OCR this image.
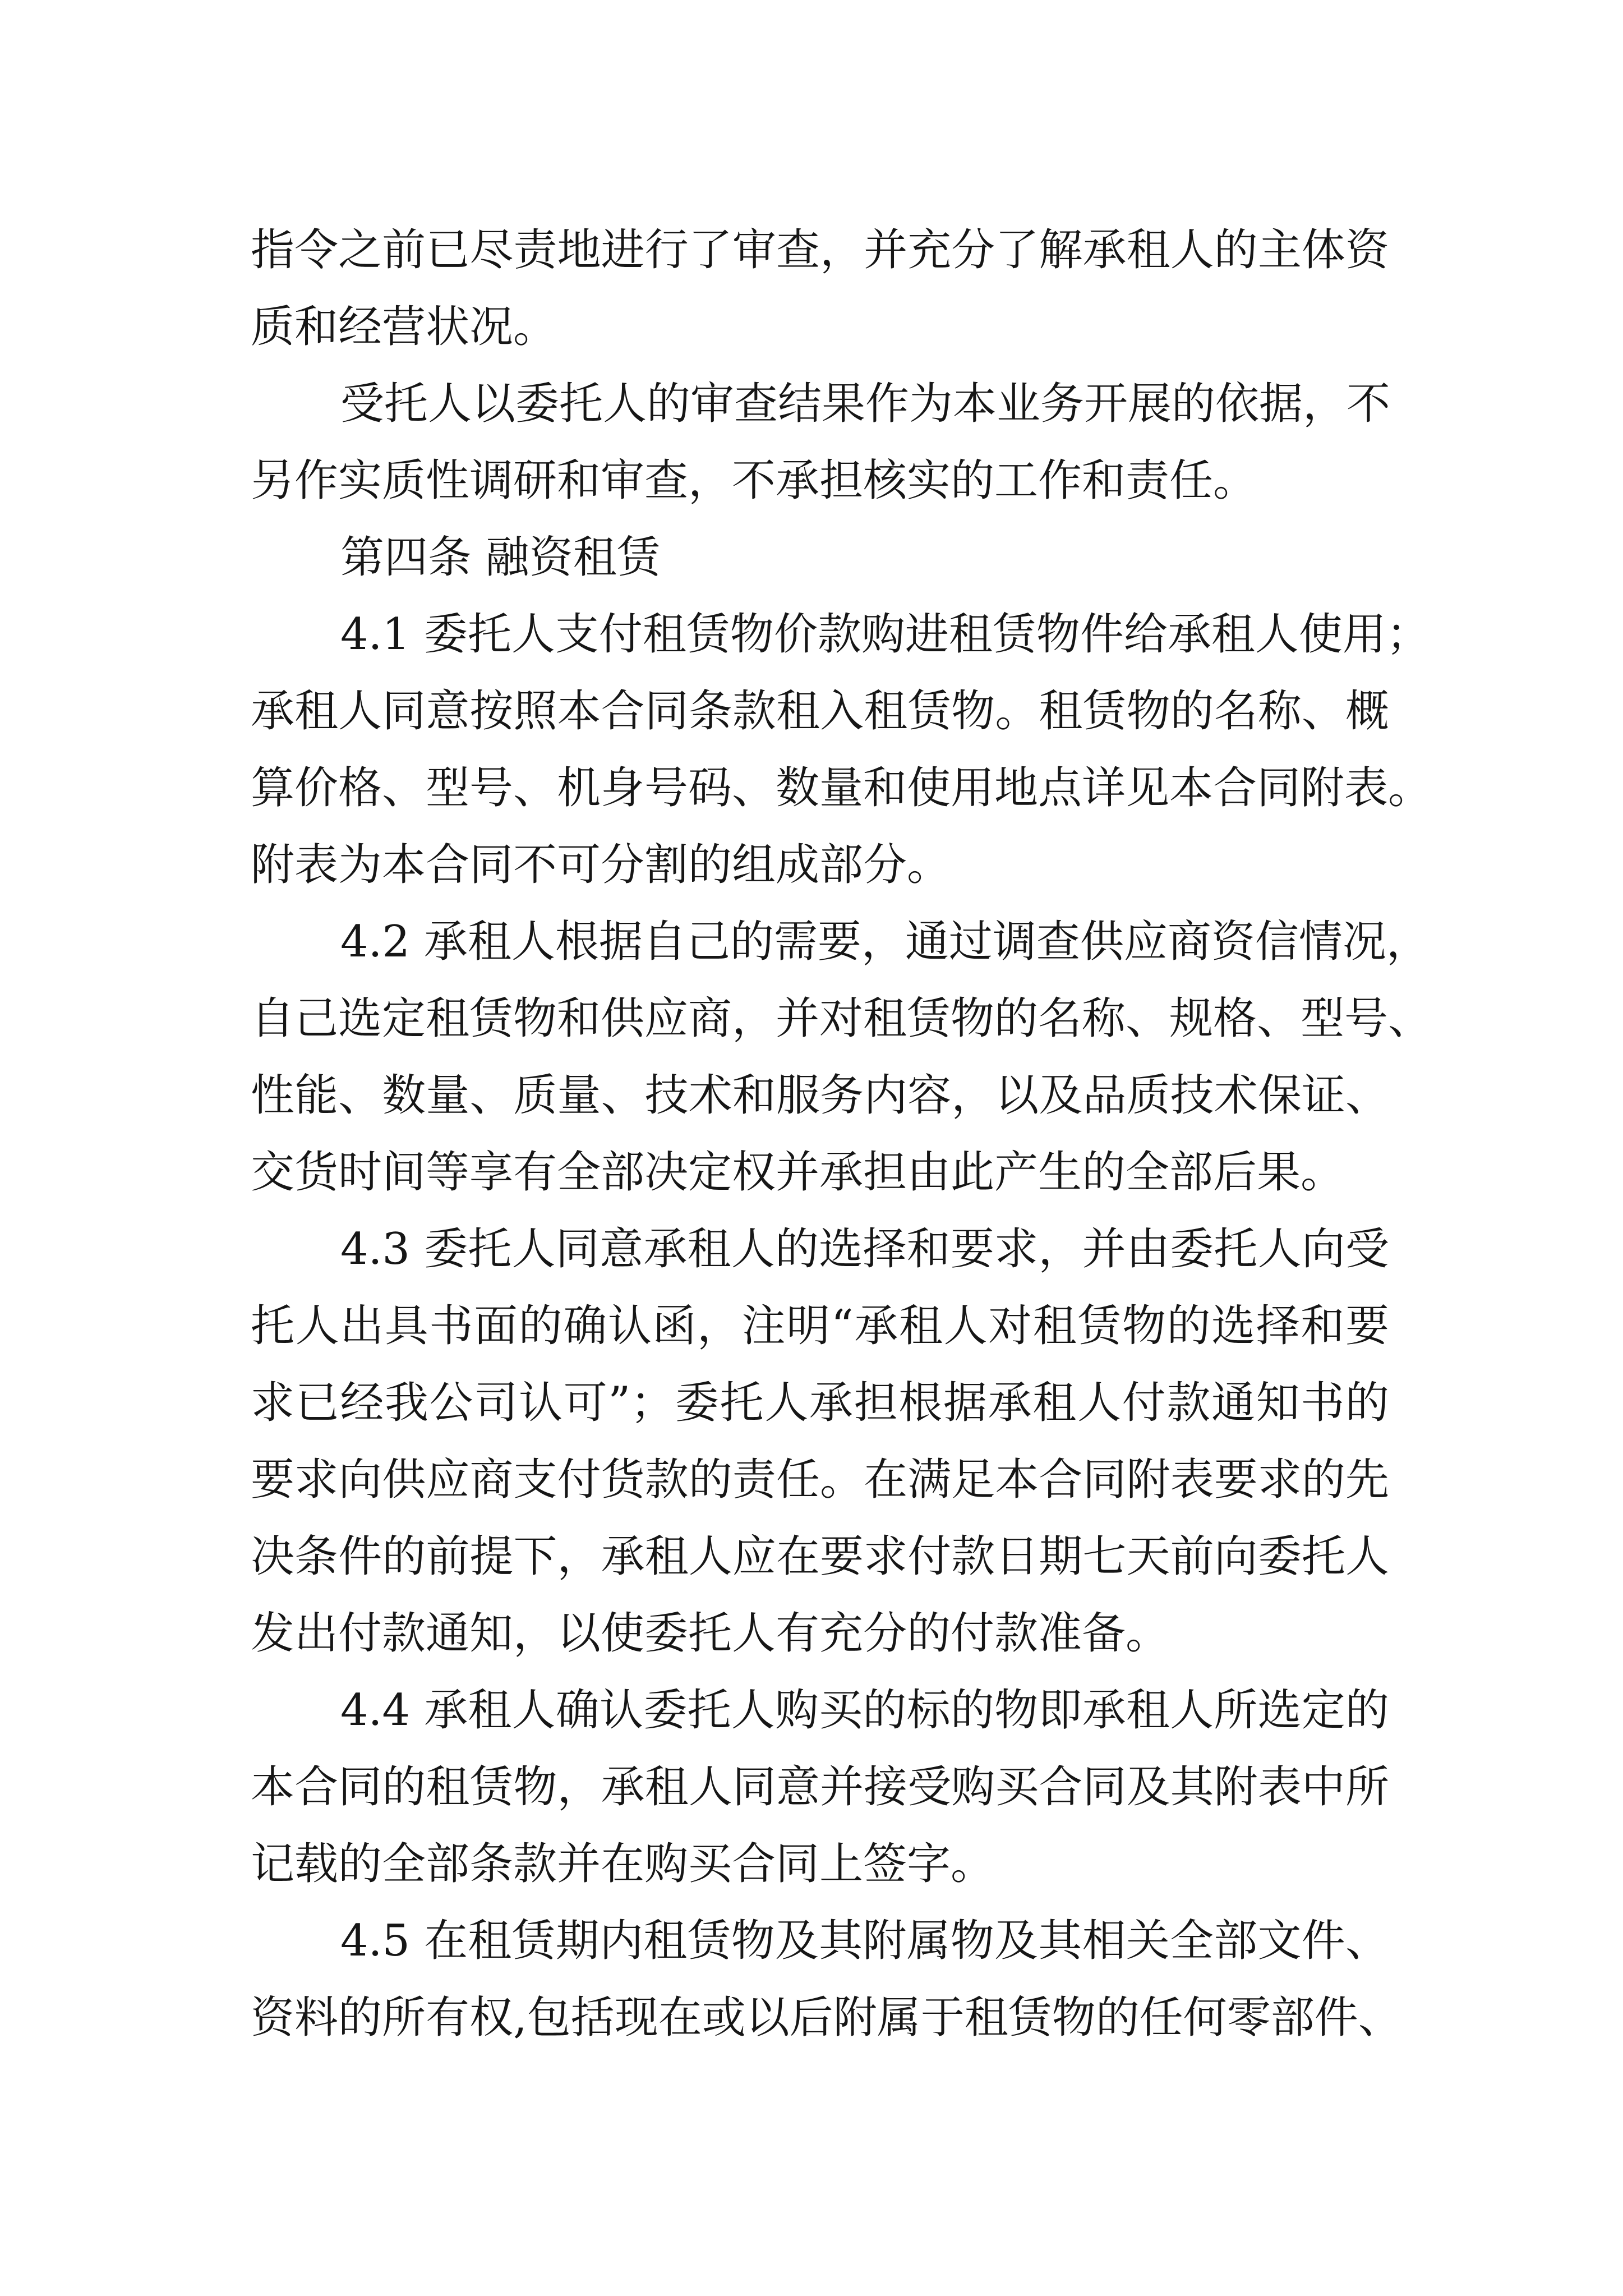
指令之前已尽责地进行了审查，并充分了解承租人的主体资
质和经营状况。
受托人以委托人的审查结果作为本业务开展的依据，不
另作实质性调研和审查，不承担核实的工作和责任。
第四条 融资租赁
4.1 委托人支付租赁物价款购进租赁物件给承租人使用；
承租人同意按照本合同条款租入租赁物。租赁物的名称、概
算价格、型号、机身号码、数量和使用地点详见本合同附表。
附表为本合同不可分割的组成部分。
4.2 承租人根据自己的需要，通过调查供应商资信情况，
自己选定租赁物和供应商，并对租赁物的名称、规格、型号、
性能、数量、质量、技术和服务内容，以及品质技术保证、
交货时间等享有全部决定权并承担由此产生的全部后果。
4.3 委托人同意承租人的选择和要求，并由委托人向受
托人出具书面的确认函，注明“承租人对租赁物的选择和要
求已经我公司认可”；委托人承担根据承租人付款通知书的
要求向供应商支付货款的责任。在满足本合同附表要求的先
决条件的前提下，承租人应在要求付款日期七天前向委托人
发出付款通知，以使委托人有充分的付款准备。
4.4 承租人确认委托人购买的标的物即承租人所选定的
本合同的租赁物，承租人同意并接受购买合同及其附表中所
记载的全部条款并在购买合同上签字。
4.5 在租赁期内租赁物及其附属物及其相关全部文件、
资料的所有权,包括现在或以后附属于租赁物的任何零部件、
